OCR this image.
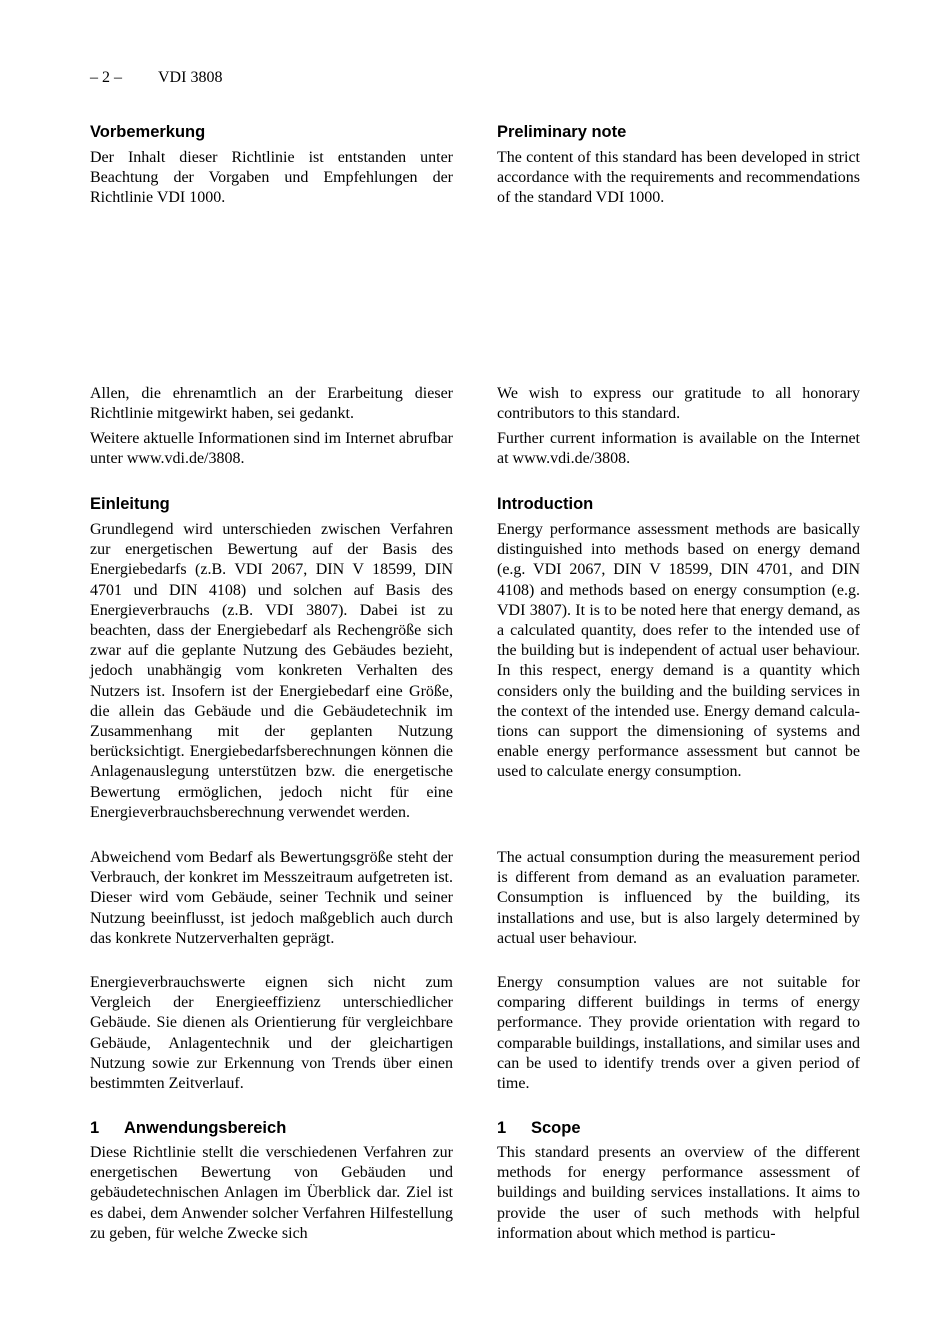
– 2 – VDI 3808
Vorbemerkung

Der Inhalt dieser Richtlinie ist entstanden unter Beachtung der Vorgaben und Empfehlungen der Richtlinie VDI 1000.

Allen, die ehrenamtlich an der Erarbeitung dieser Richtlinie mitgewirkt haben, sei gedankt.

Weitere aktuelle Informationen sind im Internet abrufbar unter www.vdi.de/3808.

Einleitung

Grundlegend wird unterschieden zwischen Verfahren zur energetischen Bewertung auf der Basis des Energiebedarfs (z.B. VDI 2067, DIN V 18599, DIN 4701 und DIN 4108) und solchen auf Basis des Energieverbrauchs (z.B. VDI 3807). Dabei ist zu beachten, dass der Energiebedarf als Rechengröße sich zwar auf die geplante Nutzung des Gebäudes bezieht, jedoch unabhängig vom konkreten Verhalten des Nutzers ist. Insofern ist der Energiebedarf eine Größe, die allein das Gebäude und die Gebäudetechnik im Zusammenhang mit der geplanten Nutzung berücksichtigt. Energiebedarfsberechnungen können die Anlagenauslegung unterstützen bzw. die energetische Bewertung ermöglichen, jedoch nicht für eine Energieverbrauchsberechnung verwendet werden.

Abweichend vom Bedarf als Bewertungsgröße steht der Verbrauch, der konkret im Messzeitraum aufgetreten ist. Dieser wird vom Gebäude, seiner Technik und seiner Nutzung beeinflusst, ist jedoch maßgeblich auch durch das konkrete Nutzerverhalten geprägt.

Energieverbrauchswerte eignen sich nicht zum Vergleich der Energieeffizienz unterschiedlicher Gebäude. Sie dienen als Orientierung für vergleichbare Gebäude, Anlagentechnik und der gleichartigen Nutzung sowie zur Erkennung von Trends über einen bestimmten Zeitverlauf.

1 Anwendungsbereich

Diese Richtlinie stellt die verschiedenen Verfahren zur energetischen Bewertung von Gebäuden und gebäudetechnischen Anlagen im Überblick dar. Ziel ist es dabei, dem Anwender solcher Verfahren Hilfestellung zu geben, für welche Zwecke sich

Preliminary note

The content of this standard has been developed in strict accordance with the requirements and recommendations of the standard VDI 1000.

We wish to express our gratitude to all honorary contributors to this standard.

Further current information is available on the Internet at www.vdi.de/3808.

Introduction

Energy performance assessment methods are basically distinguished into methods based on energy demand (e.g. VDI 2067, DIN V 18599, DIN 4701, and DIN 4108) and methods based on energy consumption (e.g. VDI 3807). It is to be noted here that energy demand, as a calculated quantity, does refer to the intended use of the building but is independent of actual user behaviour. In this respect, energy demand is a quantity which considers only the building and the building services in the context of the intended use. Energy demand calculations can support the dimensioning of systems and enable energy performance assessment but cannot be used to calculate energy consumption.

The actual consumption during the measurement period is different from demand as an evaluation parameter. Consumption is influenced by the building, its installations and use, but is also largely determined by actual user behaviour.

Energy consumption values are not suitable for comparing different buildings in terms of energy performance. They provide orientation with regard to comparable buildings, installations, and similar uses and can be used to identify trends over a given period of time.

1 Scope

This standard presents an overview of the different methods for energy performance assessment of buildings and building services installations. It aims to provide the user of such methods with helpful information about which method is particu-
